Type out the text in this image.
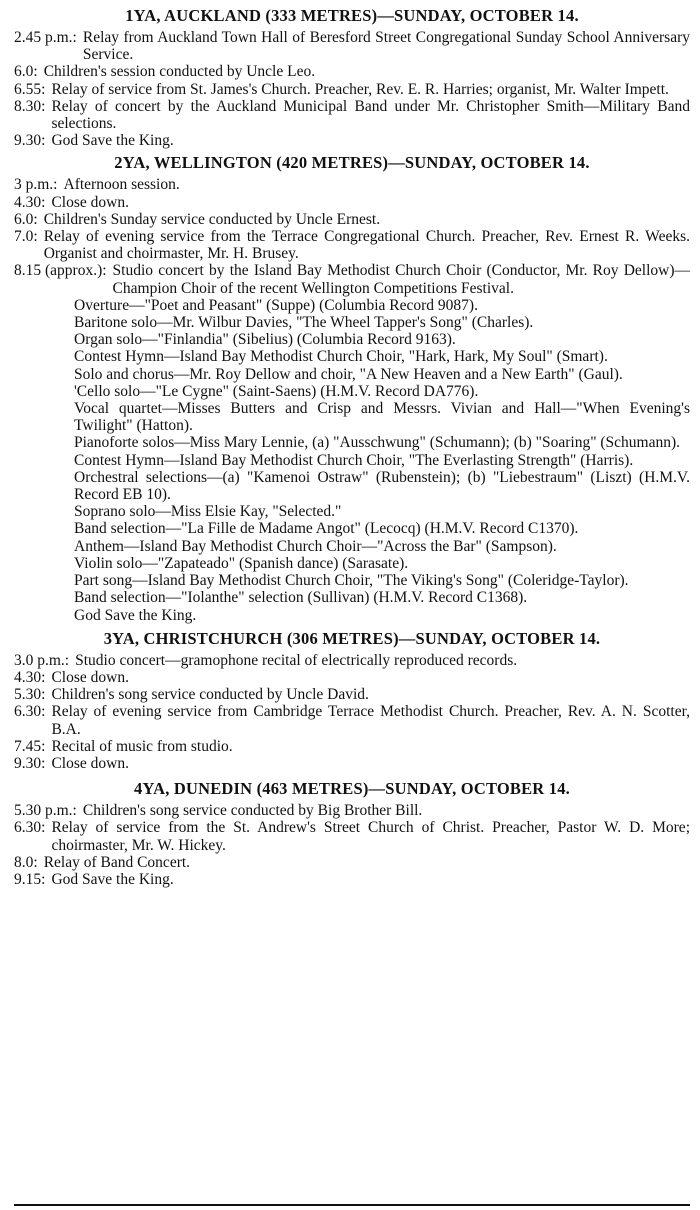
1YA, AUCKLAND (333 METRES)—SUNDAY, OCTOBER 14.
2.45 p.m.: Relay from Auckland Town Hall of Beresford Street Congregational Sunday School Anniversary Service.
6.0: Children's session conducted by Uncle Leo.
6.55: Relay of service from St. James's Church. Preacher, Rev. E. R. Harries; organist, Mr. Walter Impett.
8.30: Relay of concert by the Auckland Municipal Band under Mr. Christopher Smith—Military Band selections.
9.30: God Save the King.
2YA, WELLINGTON (420 METRES)—SUNDAY, OCTOBER 14.
3 p.m.: Afternoon session.
4.30: Close down.
6.0: Children's Sunday service conducted by Uncle Ernest.
7.0: Relay of evening service from the Terrace Congregational Church. Preacher, Rev. Ernest R. Weeks. Organist and choirmaster, Mr. H. Brusey.
8.15 (approx.): Studio concert by the Island Bay Methodist Church Choir (Conductor, Mr. Roy Dellow)—Champion Choir of the recent Wellington Competitions Festival.
Overture—"Poet and Peasant" (Suppe) (Columbia Record 9087).
Baritone solo—Mr. Wilbur Davies, "The Wheel Tapper's Song" (Charles).
Organ solo—"Finlandia" (Sibelius) (Columbia Record 9163).
Contest Hymn—Island Bay Methodist Church Choir, "Hark, Hark, My Soul" (Smart).
Solo and chorus—Mr. Roy Dellow and choir, "A New Heaven and a New Earth" (Gaul).
'Cello solo—"Le Cygne" (Saint-Saens) (H.M.V. Record DA776).
Vocal quartet—Misses Butters and Crisp and Messrs. Vivian and Hall—"When Evening's Twilight" (Hatton).
Pianoforte solos—Miss Mary Lennie, (a) "Ausschwung" (Schumann); (b) "Soaring" (Schumann).
Contest Hymn—Island Bay Methodist Church Choir, "The Everlasting Strength" (Harris).
Orchestral selections—(a) "Kamenoi Ostraw" (Rubenstein); (b) "Liebestraum" (Liszt) (H.M.V. Record EB 10).
Soprano solo—Miss Elsie Kay, "Selected."
Band selection—"La Fille de Madame Angot" (Lecocq) (H.M.V. Record C1370).
Anthem—Island Bay Methodist Church Choir—"Across the Bar" (Sampson).
Violin solo—"Zapateado" (Spanish dance) (Sarasate).
Part song—Island Bay Methodist Church Choir, "The Viking's Song" (Coleridge-Taylor).
Band selection—"Iolanthe" selection (Sullivan) (H.M.V. Record C1368).
God Save the King.
3YA, CHRISTCHURCH (306 METRES)—SUNDAY, OCTOBER 14.
3.0 p.m.: Studio concert—gramophone recital of electrically reproduced records.
4.30: Close down.
5.30: Children's song service conducted by Uncle David.
6.30: Relay of evening service from Cambridge Terrace Methodist Church. Preacher, Rev. A. N. Scotter, B.A.
7.45: Recital of music from studio.
9.30: Close down.
4YA, DUNEDIN (463 METRES)—SUNDAY, OCTOBER 14.
5.30 p.m.: Children's song service conducted by Big Brother Bill.
6.30: Relay of service from the St. Andrew's Street Church of Christ. Preacher, Pastor W. D. More; choirmaster, Mr. W. Hickey.
8.0: Relay of Band Concert.
9.15: God Save the King.
